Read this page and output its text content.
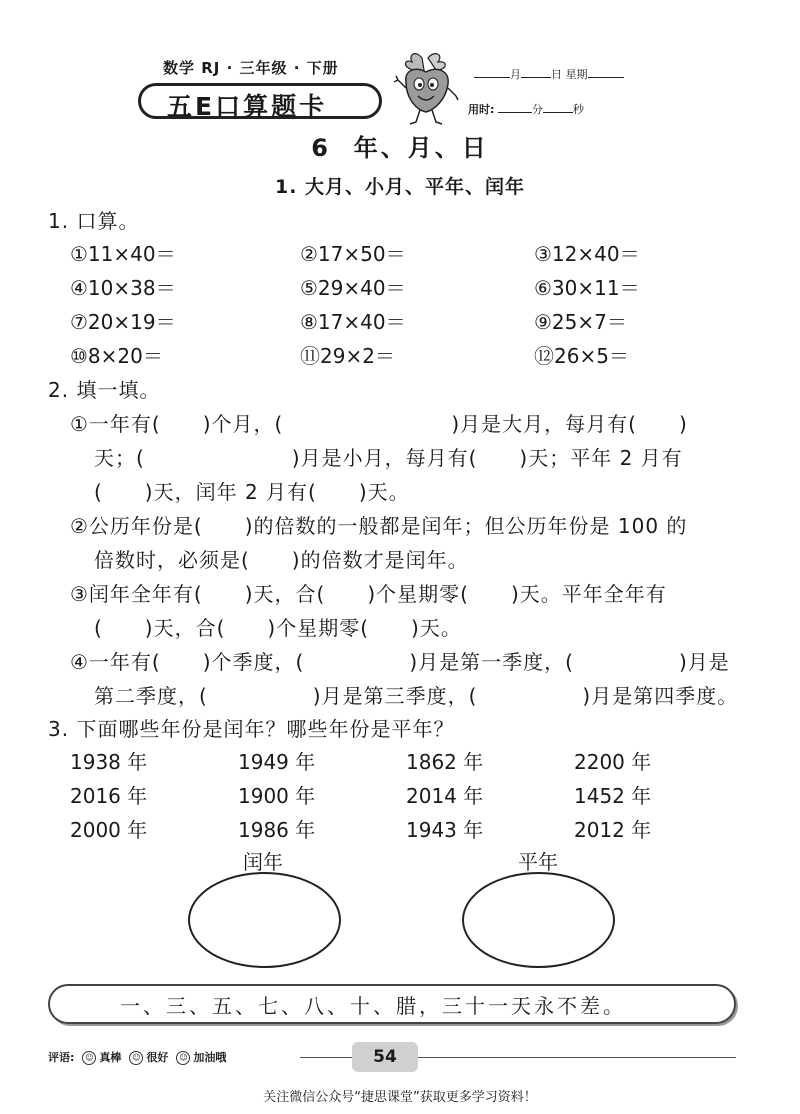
数学 RJ · 三年级 · 下册
五E口算题卡
月	日 星期
用时:	分	秒
6  年、月、日
1. 大月、小月、平年、闰年
1. 口算。
①11×40＝	②17×50＝	③12×40＝
④10×38＝	⑤29×40＝	⑥30×11＝
⑦20×19＝	⑧17×40＝	⑨25×7＝
⑩8×20＝	⑪29×2＝	⑫26×5＝
2. 填一填。
①一年有(　　)个月，(　　　　　　　　)月是大月，每月有(　　)
天；(　　　　　　　)月是小月，每月有(　　)天；平年 2 月有
(　　)天，闰年 2 月有(　　)天。
②公历年份是(　　)的倍数的一般都是闰年；但公历年份是 100 的
倍数时，必须是(　　)的倍数才是闰年。
③闰年全年有(　　)天，合(　　)个星期零(　　)天。平年全年有
(　　)天，合(　　)个星期零(　　)天。
④一年有(　　)个季度，(　　　　　)月是第一季度，(　　　　　)月是
第二季度，(　　　　　)月是第三季度，(　　　　　)月是第四季度。
3. 下面哪些年份是闰年？哪些年份是平年？
1938 年	1949 年	1862 年	2200 年
2016 年	1900 年	2014 年	1452 年
2000 年	1986 年	1943 年	2012 年
闰年	平年
一、三、五、七、八、十、腊，三十一天永不差。
评语: ☺ 真棒 ☺ 很好 ☺ 加油哦	54
关注微信公众号“捷思课堂”获取更多学习资料！
